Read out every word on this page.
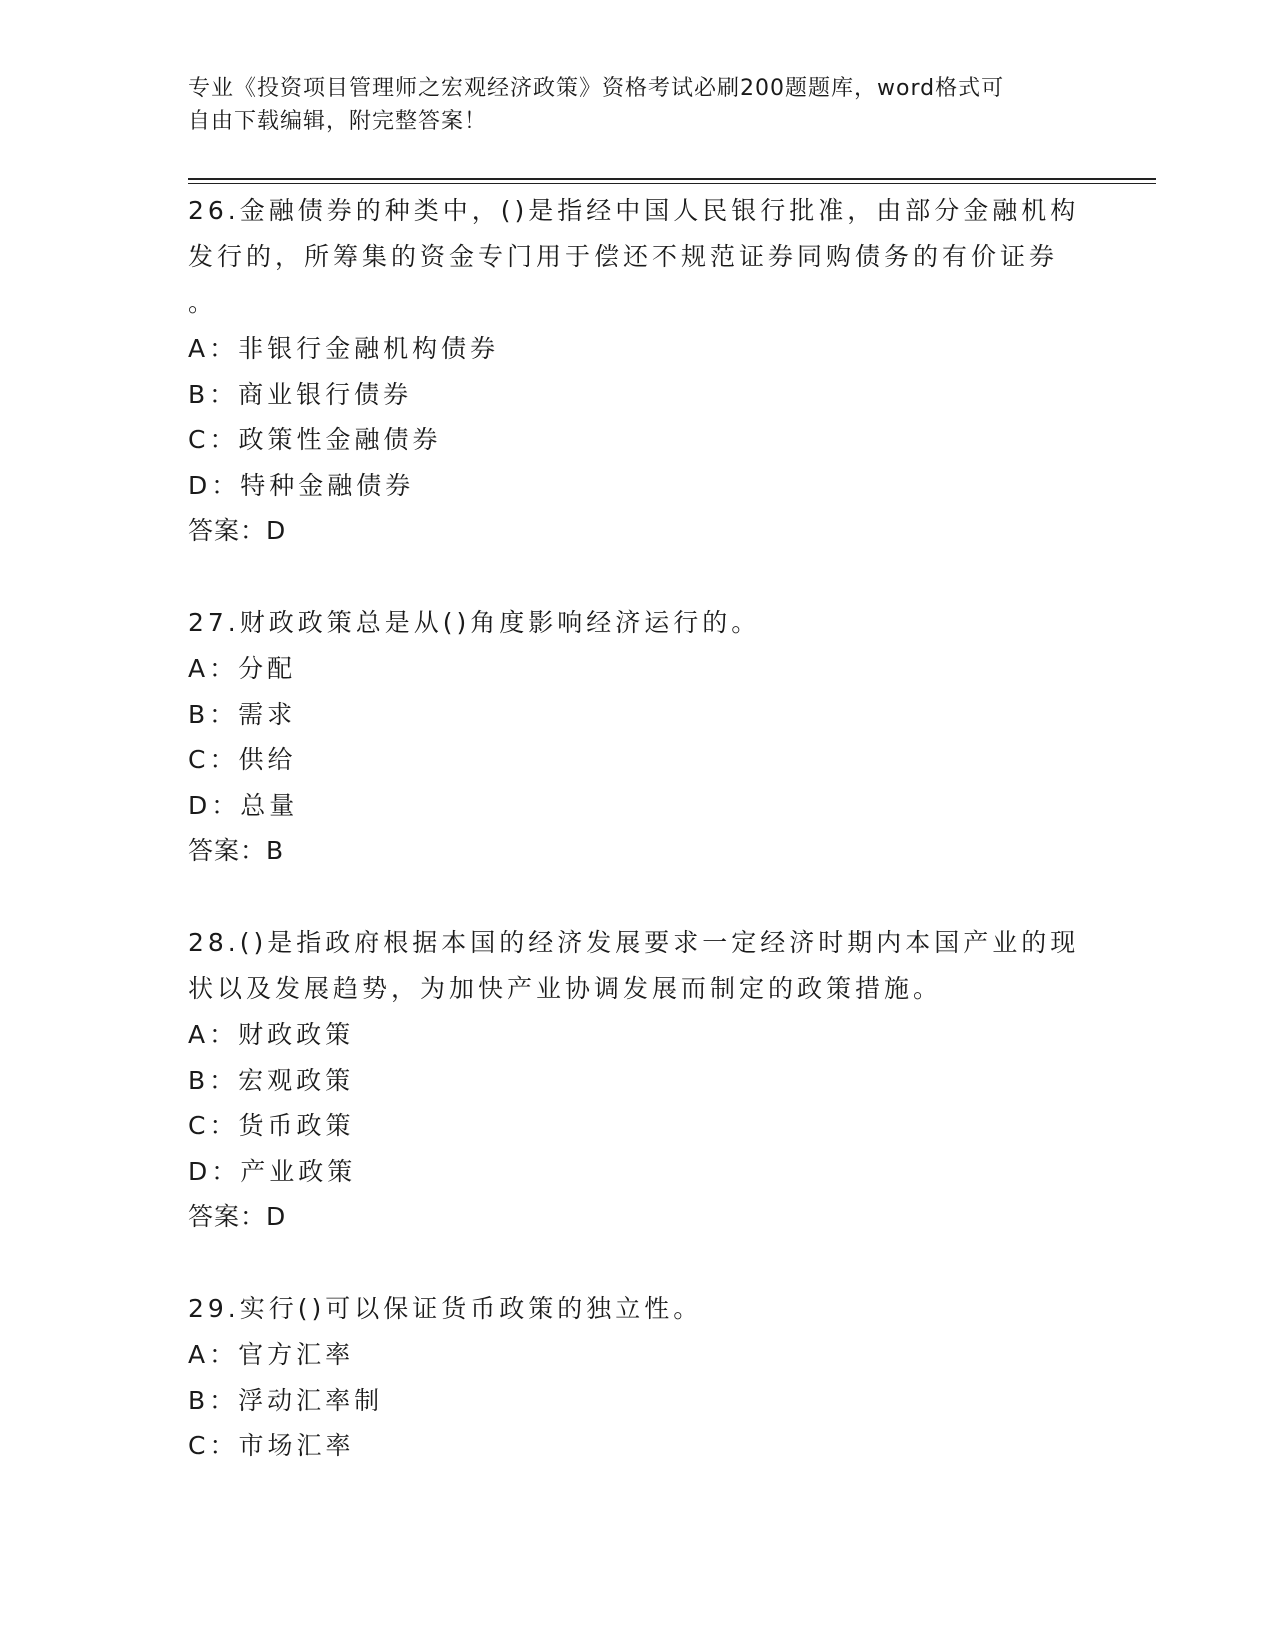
专业《投资项目管理师之宏观经济政策》资格考试必刷200题题库，word格式可
自由下载编辑，附完整答案！
26.金融债券的种类中，()是指经中国人民银行批准，由部分金融机构
发行的，所筹集的资金专门用于偿还不规范证券同购债务的有价证券
。
A：非银行金融机构债券
B：商业银行债券
C：政策性金融债券
D：特种金融债券
答案：D
27.财政政策总是从()角度影响经济运行的。
A：分配
B：需求
C：供给
D：总量
答案：B
28.()是指政府根据本国的经济发展要求一定经济时期内本国产业的现
状以及发展趋势，为加快产业协调发展而制定的政策措施。
A：财政政策
B：宏观政策
C：货币政策
D：产业政策
答案：D
29.实行()可以保证货币政策的独立性。
A：官方汇率
B：浮动汇率制
C：市场汇率
